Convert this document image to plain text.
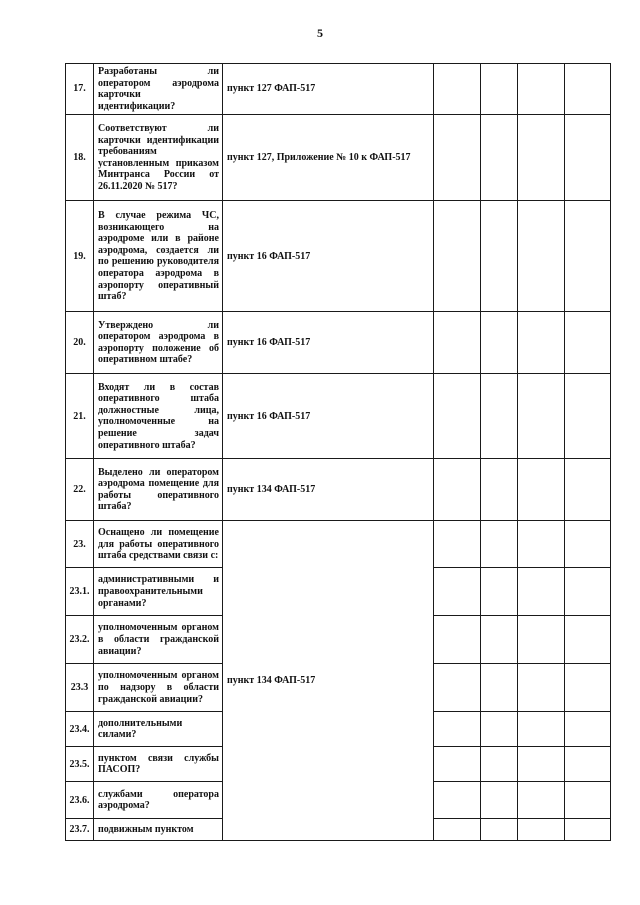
5
17.	Разработаны ли оператором аэродрома карточки идентификации?	пункт 127 ФАП-517				
18.	Соответствуют ли карточки идентификации требованиям установленным приказом Минтранса России от 26.11.2020 № 517?	пункт 127, Приложение № 10 к ФАП-517				
19.	В случае режима ЧС, возникающего на аэродроме или в районе аэродрома, создается ли по решению руководителя оператора аэродрома в аэропорту оперативный штаб?	пункт 16 ФАП-517				
20.	Утверждено ли оператором аэродрома в аэропорту положение об оперативном штабе?	пункт 16 ФАП-517				
21.	Входят ли в состав оперативного штаба должностные лица, уполномоченные на решение задач оперативного штаба?	пункт 16 ФАП-517				
22.	Выделено ли оператором аэродрома помещение для работы оперативного штаба?	пункт 134 ФАП-517				
23.	Оснащено ли помещение для работы оперативного штаба средствами связи с:	пункт 134 ФАП-517				
23.1.	административными и правоохранительными органами?					
23.2.	уполномоченным органом в области гражданской авиации?					
23.3	уполномоченным органом по надзору в области гражданской авиации?					
23.4.	дополнительными силами?					
23.5.	пунктом связи службы ПАСОП?					
23.6.	службами оператора аэродрома?					
23.7.	подвижным пунктом					
